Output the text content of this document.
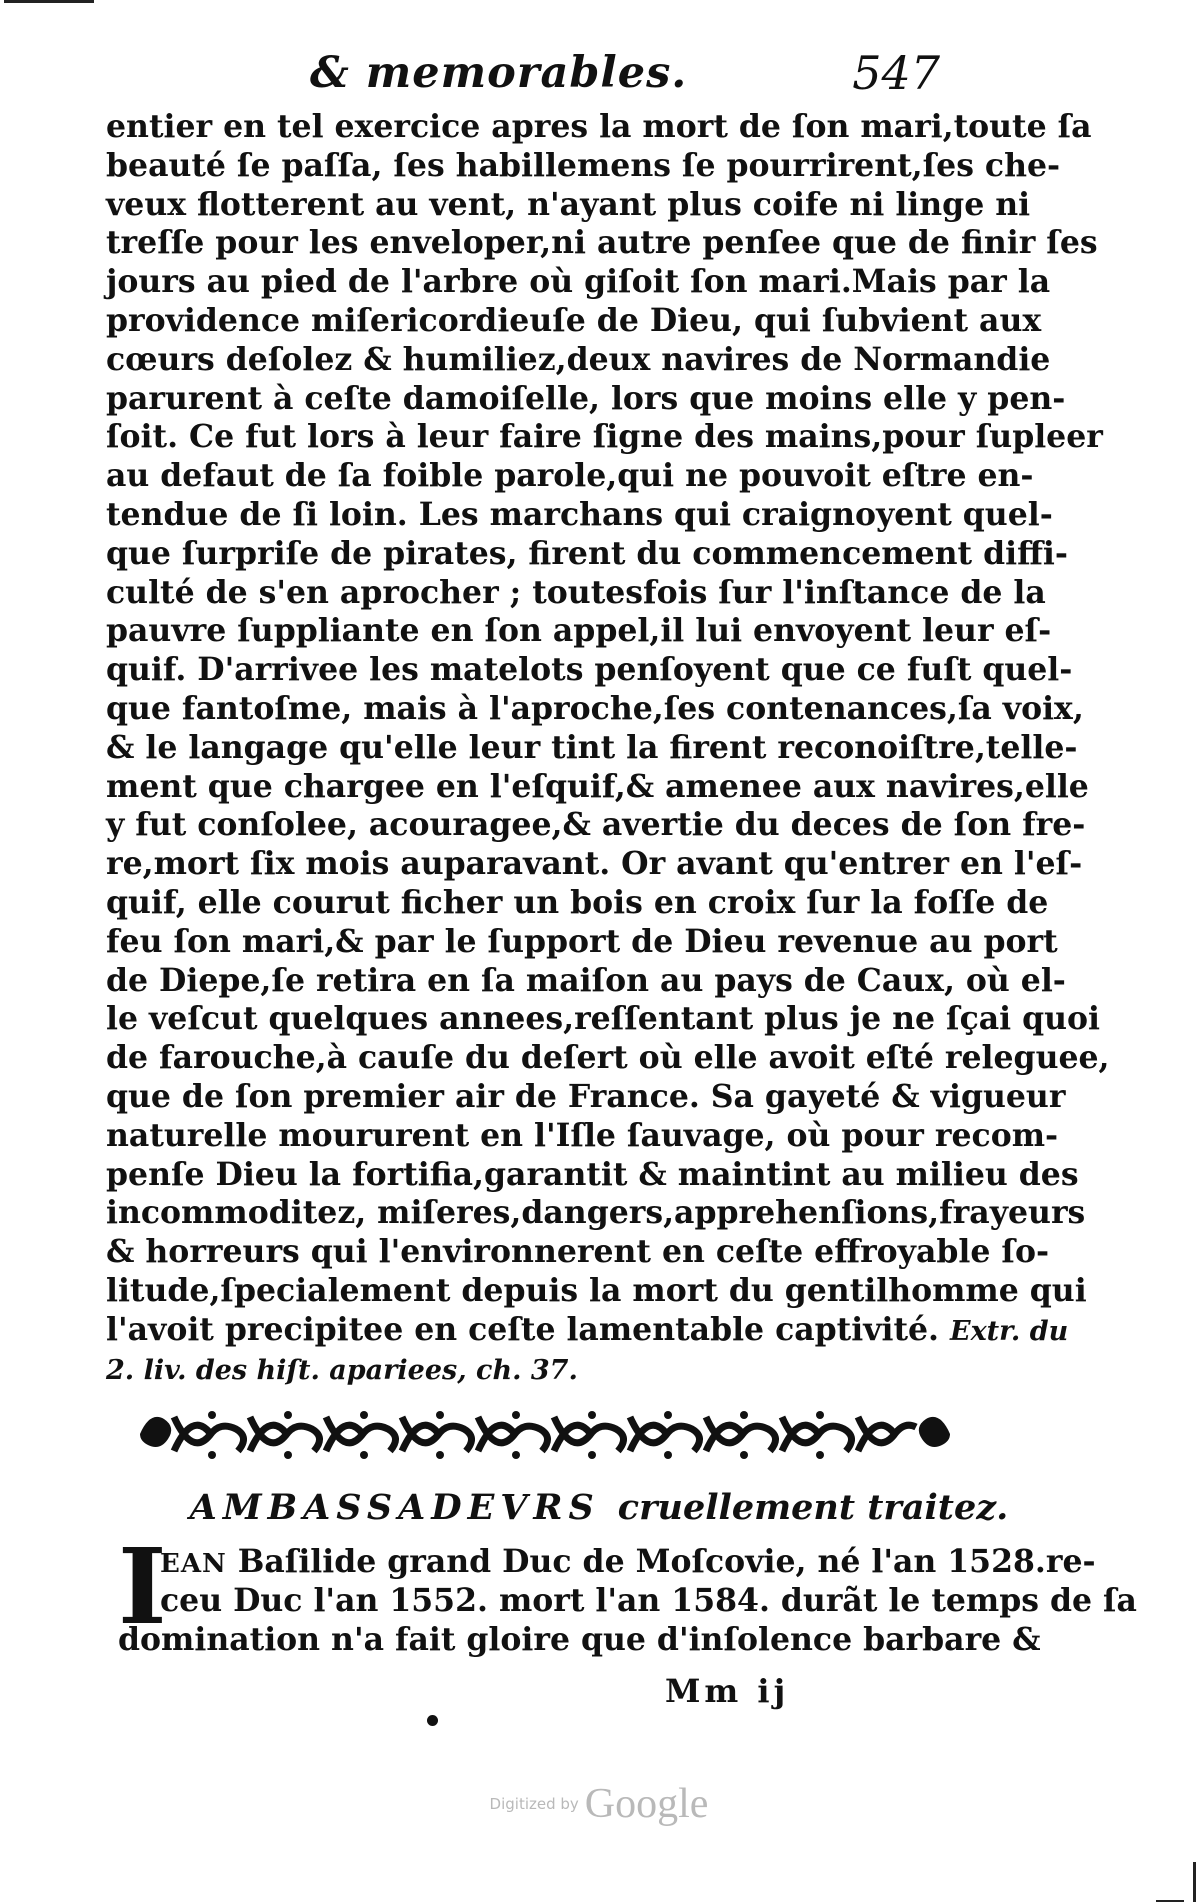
& memorables.	547
entier en tel exercice apres la mort de ſon mari,toute ſa
beauté ſe paſſa, ſes habillemens ſe pourrirent,ſes che-
veux flotterent au vent, n'ayant plus coife ni linge ni
treſſe pour les enveloper,ni autre penſee que de finir ſes
jours au pied de l'arbre où giſoit ſon mari.Mais par la
providence miſericordieuſe de Dieu, qui ſubvient aux
cœurs deſolez & humiliez,deux navires de Normandie
parurent à ceſte damoiſelle, lors que moins elle y pen-
ſoit. Ce fut lors à leur faire ſigne des mains,pour ſupleer
au defaut de ſa foible parole,qui ne pouvoit eſtre en-
tendue de ſi loin. Les marchans qui craignoyent quel-
que ſurpriſe de pirates, firent du commencement diffi-
culté de s'en aprocher ; toutesfois ſur l'inſtance de la
pauvre ſuppliante en ſon appel,il lui envoyent leur eſ-
quif. D'arrivee les matelots penſoyent que ce fuſt quel-
que fantoſme, mais à l'aproche,ſes contenances,ſa voix,
& le langage qu'elle leur tint la firent reconoiſtre,telle-
ment que chargee en l'eſquif,& amenee aux navires,elle
y fut conſolee, acouragee,& avertie du deces de ſon fre-
re,mort ſix mois auparavant. Or avant qu'entrer en l'eſ-
quif, elle courut ficher un bois en croix ſur la foſſe de
feu ſon mari,& par le ſupport de Dieu revenue au port
de Diepe,ſe retira en ſa maiſon au pays de Caux, où el-
le veſcut quelques annees,reſſentant plus je ne ſçai quoi
de farouche,à cauſe du deſert où elle avoit eſté releguee,
que de ſon premier air de France. Sa gayeté & vigueur
naturelle moururent en l'Iſle ſauvage, où pour recom-
penſe Dieu la fortifia,garantit & maintint au milieu des
incommoditez, miſeres,dangers,apprehenſions,frayeurs
& horreurs qui l'environnerent en ceſte effroyable ſo-
litude,ſpecialement depuis la mort du gentilhomme qui
l'avoit precipitee en ceſte lamentable captivité. Extr. du
2. liv. des hiſt. apariees, ch. 37.
AMBASSADEVRS cruellement traitez.
I
EAN Baſilide grand Duc de Moſcovie, né l'an 1528.re-
ceu Duc l'an 1552. mort l'an 1584. durãt le temps de ſa
domination n'a fait gloire que d'inſolence barbare &
Mm ij
Digitized by Google
